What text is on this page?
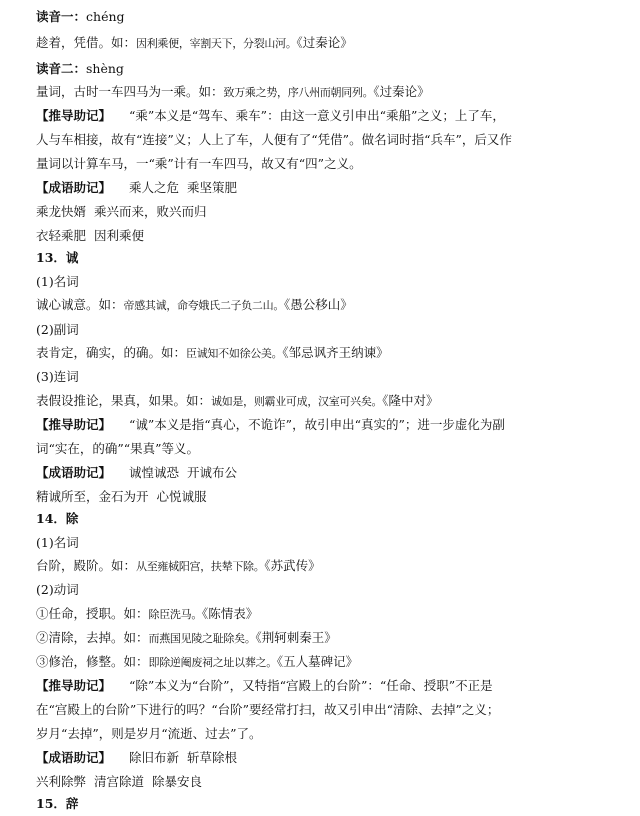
读音一：chéng
趁着，凭借。如：因利乘便，宰割天下，分裂山河。《过秦论》
读音二：shèng
量词，古时一车四马为一乘。如：致万乘之势，序八州而朝同列。《过秦论》
【推导助记】 “乘”本义是“驾车、乘车”：由这一意义引申出“乘船”之义；上了车，
人与车相接，故有“连接”义；人上了车，人便有了“凭借”。做名词时指“兵车”，后又作
量词以计算车马，一“乘”计有一车四马，故又有“四”之义。
【成语助记】 乘人之危 乘坚策肥
乘龙快婿 乘兴而来，败兴而归
衣轻乘肥 因利乘便
13．诚
(1)名词
诚心诚意。如：帝感其诚，命夸娥氏二子负二山。《愚公移山》
(2)副词
表肯定，确实，的确。如：臣诚知不如徐公美。《邹忌讽齐王纳谏》
(3)连词
表假设推论，果真，如果。如：诚如是，则霸业可成，汉室可兴矣。《隆中对》
【推导助记】 “诚”本义是指“真心，不诡诈”，故引申出“真实的”；进一步虚化为副
词“实在，的确”“果真”等义。
【成语助记】 诚惶诚恐 开诚布公
精诚所至，金石为开 心悦诚服
14．除
(1)名词
台阶，殿阶。如：从至雍棫阳宫，扶辇下除。《苏武传》
(2)动词
①任命，授职。如：除臣洗马。《陈情表》
②清除，去掉。如：而燕国见陵之耻除矣。《荆轲刺秦王》
③修治，修整。如：即除逆阉废祠之址以葬之。《五人墓碑记》
【推导助记】 “除”本义为“台阶”，又特指“宫殿上的台阶”：“任命、授职”不正是
在“宫殿上的台阶”下进行的吗？“台阶”要经常打扫，故又引申出“清除、去掉”之义；
岁月“去掉”，则是岁月“流逝、过去”了。
【成语助记】 除旧布新 斩草除根
兴利除弊 清宫除道 除暴安良
15．辞
